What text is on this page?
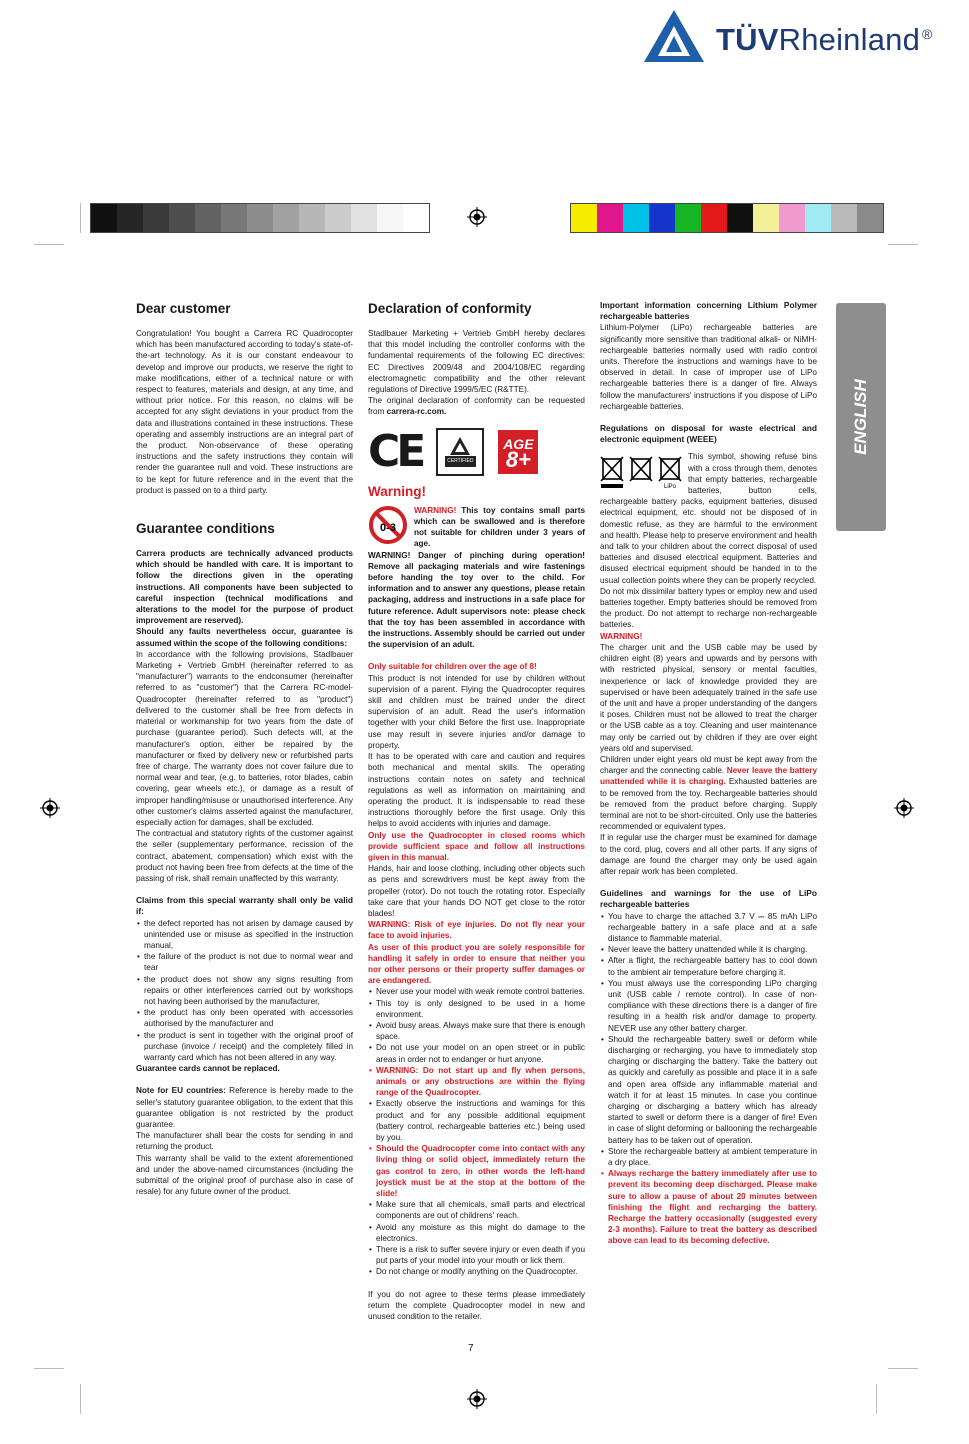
TÜVRheinland ®
ENGLISH
Dear customer

Congratulation! You bought a Carrera RC Quadrocopter which has been manufactured according to today's state-of-the-art technology. As it is our constant endeavour to develop and improve our products, we reserve the right to make modifications, either of a technical nature or with respect to features, materials and design, at any time, and without prior notice. For this reason, no claims will be accepted for any slight deviations in your product from the data and illustrations contained in these instructions. These operating and assembly instructions are an integral part of the product. Non-observance of these operating instructions and the safety instructions they contain will render the guarantee null and void. These instructions are to be kept for future reference and in the event that the product is passed on to a third party.

Guarantee conditions

Carrera products are technically advanced products which should be handled with care. It is important to follow the directions given in the operating instructions. All components have been subjected to careful inspection (technical modifications and alterations to the model for the purpose of product improvement are reserved).

Should any faults nevertheless occur, guarantee is assumed within the scope of the following conditions:

In accordance with the following provisions, Stadlbauer Marketing + Vertrieb GmbH (hereinafter referred to as "manufacturer") warrants to the endconsumer (hereinafter referred to as "customer") that the Carrera RC-model-Quadrocopter (hereinafter referred to as "product") delivered to the customer shall be free from defects in material or workmanship for two years from the date of purchase (guarantee period). Such defects will, at the manufacturer's option, either be repaired by the manufacturer or fixed by delivery new or refurbished parts free of charge. The warranty does not cover failure due to normal wear and tear, (e.g. to batteries, rotor blades, cabin covering, gear wheels etc.), or damage as a result of improper handling/misuse or unauthorised interference. Any other customer's claims asserted against the manufacturer, especially action for damages, shall be excluded.

The contractual and statutory rights of the customer against the seller (supplementary performance, recission of the contract, abatement, compensation) which exist with the product not having been free from defects at the time of the passing of risk, shall remain unaffected by this warranty.

Claims from this special warranty shall only be valid if:
• the defect reported has not arisen by damage caused by unintended use or misuse as specified in the instruction manual,
• the failure of the product is not due to normal wear and tear
• the product does not show any signs resulting from repairs or other interferences carried out by workshops not having been authorised by the manufacturer,
• the product has only been operated with accessories authorised by the manufacturer and
• the product is sent in together with the original proof of purchase (invoice / receipt) and the completely filled in warranty card which has not been altered in any way.

Guarantee cards cannot be replaced.

Note for EU countries: Reference is hereby made to the seller's statutory guarantee obligation, to the extent that this guarantee obligation is not restricted by the product guarantee.

The manufacturer shall bear the costs for sending in and returning the product.

This warranty shall be valid to the extent aforementioned and under the above-named circumstances (including the submittal of the original proof of purchase also in case of resale) for any future owner of the product.

Declaration of conformity

Stadlbauer Marketing + Vertrieb GmbH hereby declares that this model including the controller conforms with the fundamental requirements of the following EC directives: EC Directives 2009/48 and 2004/108/EC regarding electromagnetic compatibility and the other relevant regulations of Directive 1999/5/EC (R&TTE).

The original declaration of conformity can be requested from carrera-rc.com.

CE	CERTIFIED
AGE
8+
Warning!
0-3

WARNING! This toy contains small parts which can be swallowed and is therefore not suitable for children under 3 years of age.

WARNING! Danger of pinching during operation! Remove all packaging materials and wire fastenings before handing the toy over to the child. For information and to answer any questions, please retain packaging, address and instructions in a safe place for future reference. Adult supervisors note: please check that the toy has been assembled in accordance with the instructions. Assembly should be carried out under the supervision of an adult.

Only suitable for children over the age of 8!

This product is not intended for use by children without supervision of a parent. Flying the Quadrocopter requires skill and children must be trained under the direct supervision of an adult. Read the user's information together with your child Before the first use. Inappropriate use may result in severe injuries and/or damage to property.

It has to be operated with care and caution and requires both mechanical and mental skills. The operating instructions contain notes on safety and technical regulations as well as information on maintaining and operating the product. It is indispensable to read these instructions thoroughly before the first usage. Only this helps to avoid accidents with injuries and damage.

Only use the Quadrocopter in closed rooms which provide sufficient space and follow all instructions given in this manual.

Hands, hair and loose clothing, including other objects such as pens and screwdrivers must be kept away from the propeller (rotor). Do not touch the rotating rotor. Especially take care that your hands DO NOT get close to the rotor blades!

WARNING: Risk of eye injuries. Do not fly near your face to avoid injuries.

As user of this product you are solely responsible for handling it safely in order to ensure that neither you nor other persons or their property suffer damages or are endangered.

• Never use your model with weak remote control batteries.
• This toy is only designed to be used in a home environment.
• Avoid busy areas. Always make sure that there is enough space.
• Do not use your model on an open street or in public areas in order not to endanger or hurt anyone.
• WARNING: Do not start up and fly when persons, animals or any obstructions are within the flying range of the Quadrocopter.
• Exactly observe the instructions and warnings for this product and for any possible additional equipment (battery control, rechargeable batteries etc.) being used by you.
• Should the Quadrocopter come into contact with any living thing or solid object, immediately return the gas control to zero, in other words the left-hand joystick must be at the stop at the bottom of the slide!
• Make sure that all chemicals, small parts and electrical components are out of childrens' reach.
• Avoid any moisture as this might do damage to the electronics.
• There is a risk to suffer severe injury or even death if you put parts of your model into your mouth or lick them.
• Do not change or modify anything on the Quadrocopter.

If you do not agree to these terms please immediately return the complete Quadrocopter model in new and unused condition to the retailer.

Important information concerning Lithium Polymer rechargeable batteries

Lithium-Polymer (LiPo) rechargeable batteries are significantly more sensitive than traditional alkali- or NiMH-rechargeable batteries normally used with radio control units. Therefore the instructions and warnings have to be observed in detail. In case of improper use of LiPo rechargeable batteries there is a danger of fire. Always follow the manufacturers' instructions if you dispose of LiPo rechargeable batteries.

Regulations on disposal for waste electrical and electronic equipment (WEEE)
LiPo

This symbol, showing refuse bins with a cross through them, denotes that empty batteries, rechargeable batteries, button cells, rechargeable battery packs, equipment batteries, disused electrical equipment, etc. should not be disposed of in domestic refuse, as they are harmful to the environment and health. Please help to preserve environment and health and talk to your children about the correct disposal of used batteries and disused electrical equipment. Batteries and disused electrical equipment should be handed in to the usual collection points where they can be properly recycled.

Do not mix dissimilar battery types or employ new and used batteries together. Empty batteries should be removed from the product. Do not attempt to recharge non-rechargeable batteries.

WARNING!

The charger unit and the USB cable may be used by children eight (8) years and upwards and by persons with with restricted physical, sensory or mental faculties, inexperience or lack of knowledge provided they are supervised or have been adequately trained in the safe use of the unit and have a proper understanding of the dangers it poses. Children must not be allowed to treat the charger or the USB cable as a toy. Cleaning and user maintenance may only be carried out by children if they are over eight years old and supervised.

Children under eight years old must be kept away from the charger and the connecting cable. Never leave the battery unattended while it is charging. Exhausted batteries are to be removed from the toy. Rechargeable batteries should be removed from the product before charging. Supply terminal are not to be short-circuited. Only use the batteries recommended or equivalent types.

If in regular use the charger must be examined for damage to the cord, plug, covers and all other parts. If any signs of damage are found the charger may only be used again after repair work has been completed.

Guidelines and warnings for the use of LiPo rechargeable batteries
• You have to charge the attached 3.7 V ⎓ 85 mAh LiPo rechargeable battery in a safe place and at a safe distance to flammable material.
• Never leave the battery unattended while it is charging.
• After a flight, the rechargeable battery has to cool down to the ambient air temperature before charging it.
• You must always use the corresponding LiPo charging unit (USB cable / remote control). In case of non-compliance with these directions there is a danger of fire resulting in a health risk and/or damage to property. NEVER use any other battery charger.
• Should the rechargeable battery swell or deform while discharging or recharging, you have to immediately stop charging or discharging the battery. Take the battery out as quickly and carefully as possible and place it in a safe and open area offside any inflammable material and watch it for at least 15 minutes. In case you continue charging or discharging a battery which has already started to swell or deform there is a danger of fire! Even in case of slight deforming or ballooning the rechargeable battery has to be taken out of operation.
• Store the rechargeable battery at ambient temperature in a dry place.
• Always recharge the battery immediately after use to prevent its becoming deep discharged. Please make sure to allow a pause of about 20 minutes between finishing the flight and recharging the battery. Recharge the battery occasionally (suggested every 2-3 months). Failure to treat the battery as described above can lead to its becoming defective.
7
